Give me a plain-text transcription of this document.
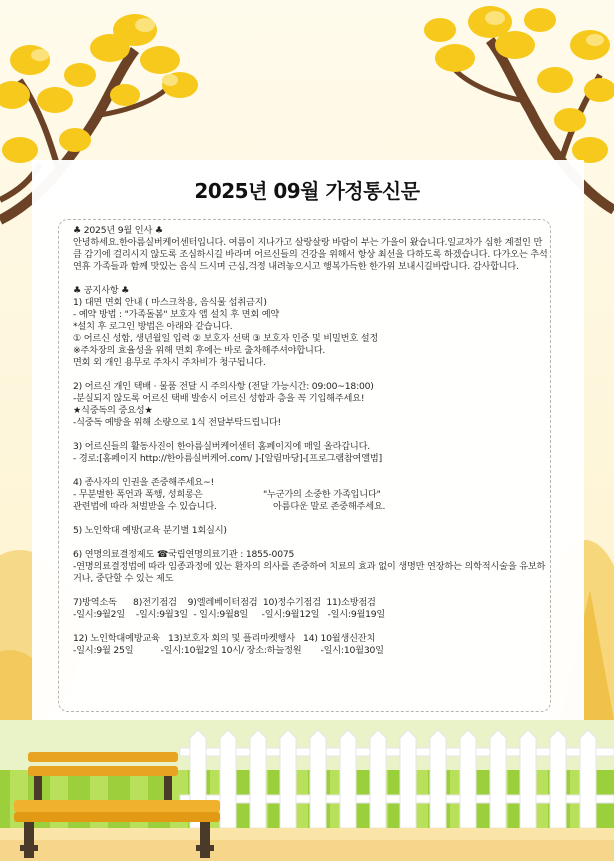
2025년 09월 가정통신문
♣ 2025년 9월 인사 ♣
안녕하세요.한아름실버케어센터입니다. 여름이 지나가고 살랑살랑 바람이 부는 가을이 왔습니다.일교차가 심한 계절인 만큼 감기에 걸리시지 않도록 조심하시길 바라며 어르신들의 건강을 위해서 항상 최선을 다하도록 하겠습니다. 다가오는 추석연휴 가족들과 함께 맛있는 음식 드시며 근심,걱정 내려놓으시고 행복가득한 한가위 보내시길바랍니다. 감사합니다.
♣ 공지사항 ♣
1) 대면 면회 안내 ( 마스크착용, 음식물 섭취금지)
- 예약 방법 : "가족돌봄" 보호자 앱 설치 후 면회 예약
*설치 후 로그인 방법은 아래와 같습니다.
① 어르신 성함, 생년월일 입력 ② 보호자 선택 ③ 보호자 인증 및 비밀번호 설정
※주차장의 효율성을 위해 면회 후에는 바로 출차해주셔야합니다.
면회 외 개인 용무로 주차시 주차비가 청구됩니다.
2) 어르신 개인 택배 · 물품 전달 시 주의사항 (전달 가능시간: 09:00~18:00)
-분실되지 않도록 어르신 택배 발송시 어르신 성함과 층을 꼭 기입해주세요!
★식중독의 중요성★
-식중독 예방을 위해 소량으로 1식 전달부탁드립니다!
3) 어르신들의 활동사진이 한아름실버케어센터 홈페이지에 매일 올라갑니다.
- 경로:[홈페이지 http://한아름실버케어.com/ ]-[알림마당]-[프로그램참여앨범]
4) 종사자의 인권을 존중해주세요~!
- 무분별한 폭언과 폭행, 성희롱은	"누군가의 소중한 가족입니다"
관련법에 따라 처벌받을 수 있습니다.	아름다운 말로 존중해주세요.
5) 노인학대 예방(교육 분기별 1회실시)
6) 연명의료결정제도 ☎국립연명의료기관 : 1855-0075
-연명의료결정법에 따라 임종과정에 있는 환자의 의사를 존중하여 치료의 효과 없이 생명만 연장하는 의학적시술을 유보하거나, 중단할 수 있는 제도
7)방역소독      8)전기점검    9)엘레베이터점검  10)정수기점검  11)소방점검
-일시:9월2일    -일시:9월3일  - 일시:9월8일     -일시:9월12일   -일시:9월19일
12) 노인학대예방교육   13)보호자 회의 및 플리마켓행사   14) 10월생신잔치
-일시:9월 25일          -일시:10월2일 10시/ 장소:하늘정원       -일시:10월30일
